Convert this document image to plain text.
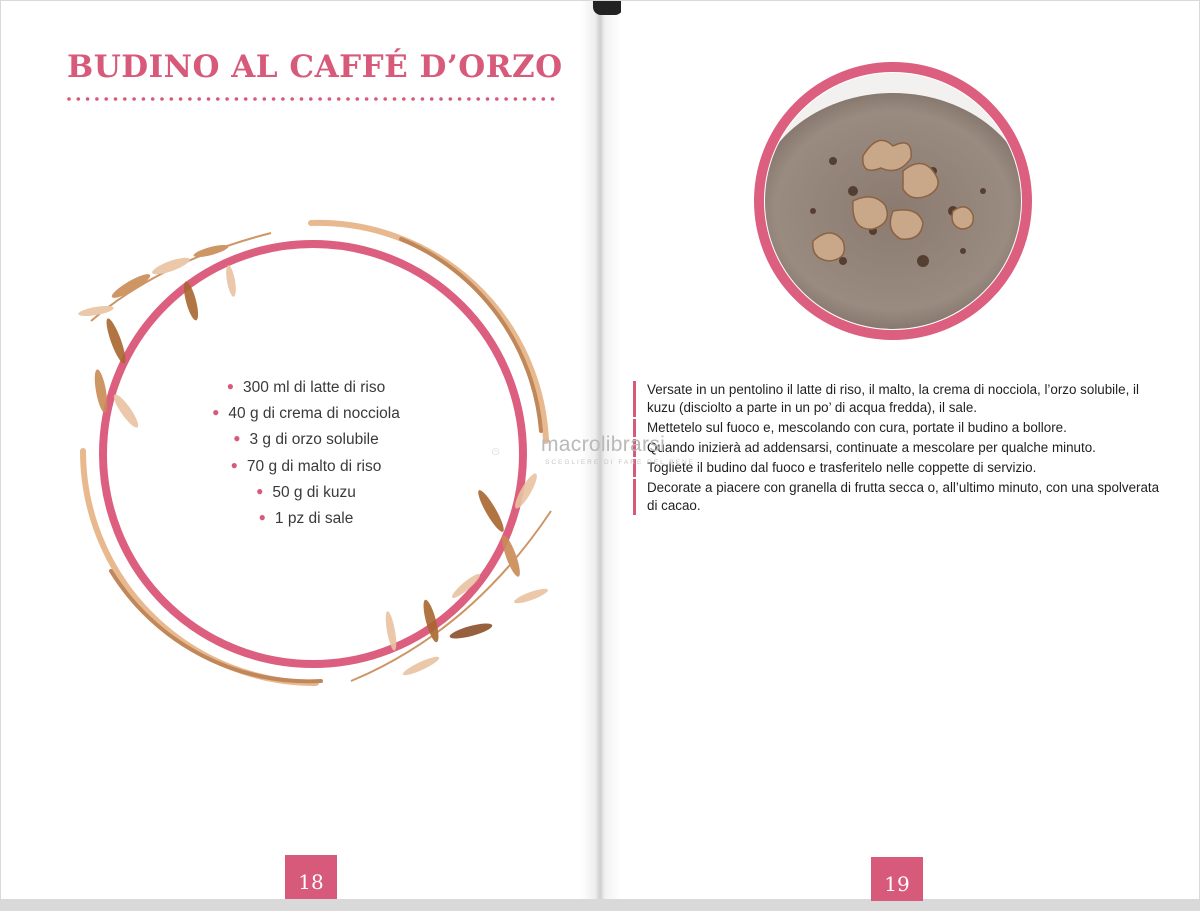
BUDINO AL CAFFÉ D’ORZO
● 300 ml di latte di riso
● 40 g di crema di nocciola
● 3 g di orzo solubile
● 70 g di malto di riso
● 50 g di kuzu
● 1 pz di sale
18
Versate in un pentolino il latte di riso, il malto, la crema di nocciola, l’orzo solubile, il kuzu (disciolto a parte in un po’ di acqua fredda), il sale.
Mettetelo sul fuoco e, mescolando con cura, portate il budino a bollore.
Quando inizierà ad addensarsi, continuate a mescolare per qualche minuto.
Togliete il budino dal fuoco e trasferitelo nelle coppette di servizio.
Decorate a piacere con granella di frutta secca o, all’ultimo minuto, con una spolverata di cacao.
macrolibrarsi
SCEGLIERE DI FARE DEL BENE
19
